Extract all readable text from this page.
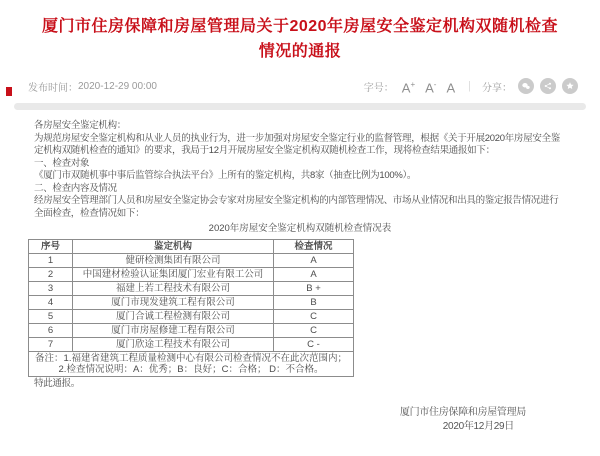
厦门市住房保障和房屋管理局关于2020年房屋安全鉴定机构双随机检查
情况的通报
发布时间： 2020-12-29 00:00	字号： A+ A- A | 分享：

各房屋安全鉴定机构：

为规范房屋安全鉴定机构和从业人员的执业行为，进一步加强对房屋安全鉴定行业的监督管理，根据《关于开展2020年房屋安全鉴定机构双随机检查的通知》的要求，我局于12月开展房屋安全鉴定机构双随机检查工作，现将检查结果通报如下：

一、检查对象

《厦门市双随机事中事后监管综合执法平台》上所有的鉴定机构，共8家（抽查比例为100%）。

二、检查内容及情况

经房屋安全管理部门人员和房屋安全鉴定协会专家对房屋安全鉴定机构的内部管理情况、市场从业情况和出具的鉴定报告情况进行全面检查，检查情况如下：

2020年房屋安全鉴定机构双随机检查情况表
序号	鉴定机构	检查情况
1	健研检测集团有限公司	A
2	中国建材检验认证集团厦门宏业有限工公司	A
3	福建上若工程技术有限公司	B +
4	厦门市现发建筑工程有限公司	B
5	厦门合诚工程检测有限公司	C
6	厦门市房屋修建工程有限公司	C
7	厦门欣途工程技术有限公司	C -

备注：1.福建省建筑工程质量检测中心有限公司检查情况不在此次范围内；
2.检查情况说明：A：优秀；B：良好；C：合格； D：不合格。		

特此通报。

厦门市住房保障和房屋管理局
2020年12月29日
